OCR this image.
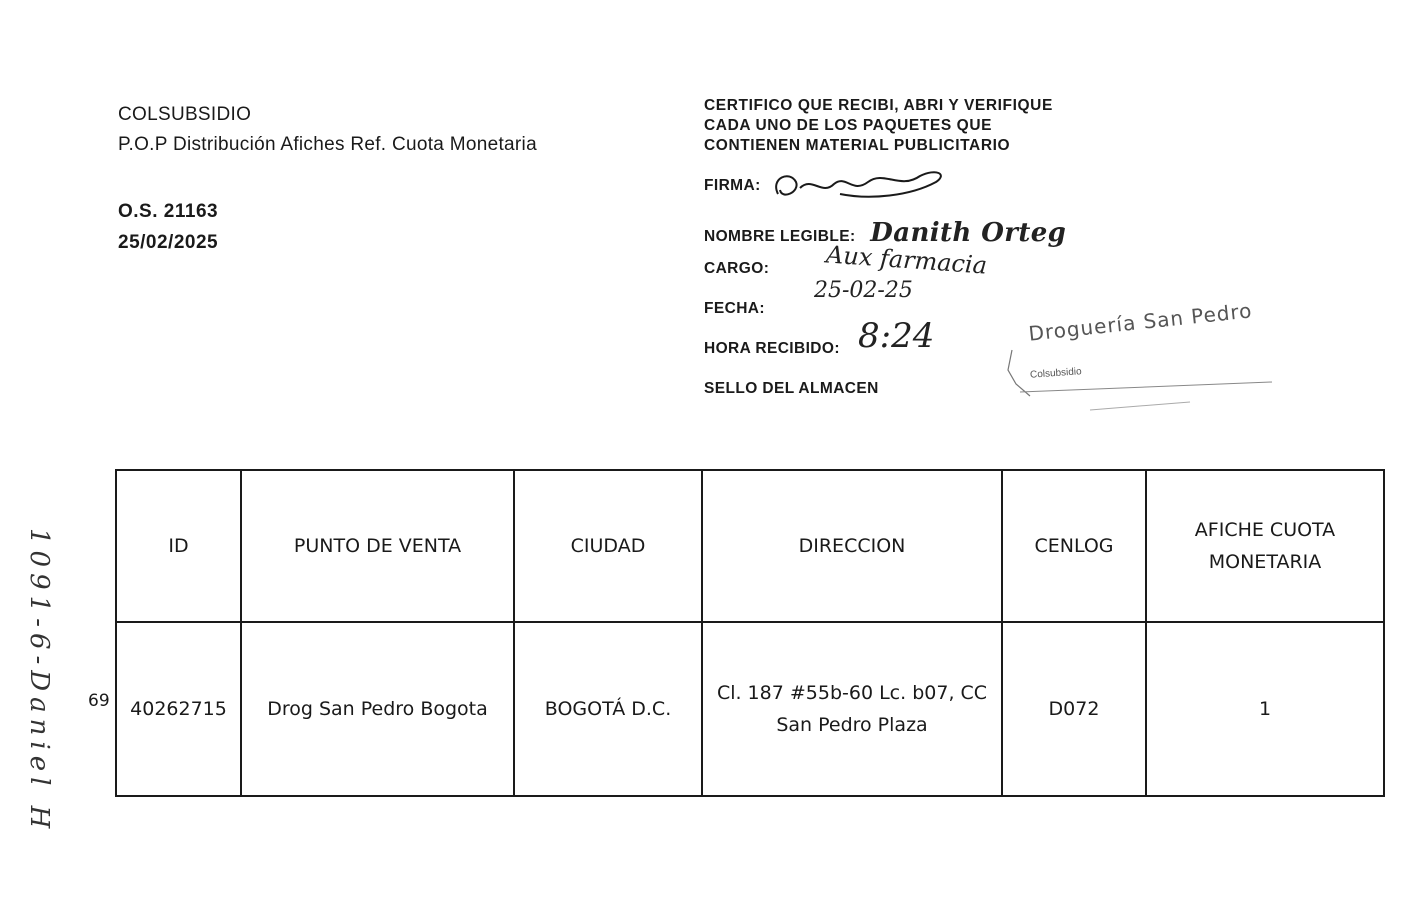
COLSUBSIDIO
P.O.P Distribución Afiches Ref. Cuota Monetaria
O.S. 21163
25/02/2025
CERTIFICO QUE RECIBI, ABRI Y VERIFIQUE
CADA UNO DE LOS PAQUETES QUE
CONTIENEN MATERIAL PUBLICITARIO
FIRMA:
NOMBRE LEGIBLE: Danith Orteg
CARGO: Aux farmacia
FECHA:
25-02-25
HORA RECIBIDO: 8:24
SELLO DEL ALMACEN
Droguería San Pedro
Colsubsidio
1091-6-Daniel H 69
ID	PUNTO DE VENTA	CIUDAD	DIRECCION	CENLOG	AFICHE CUOTA MONETARIA
40262715	Drog San Pedro Bogota	BOGOTÁ D.C.	Cl. 187 #55b-60 Lc. b07, CC San Pedro Plaza	D072	1
